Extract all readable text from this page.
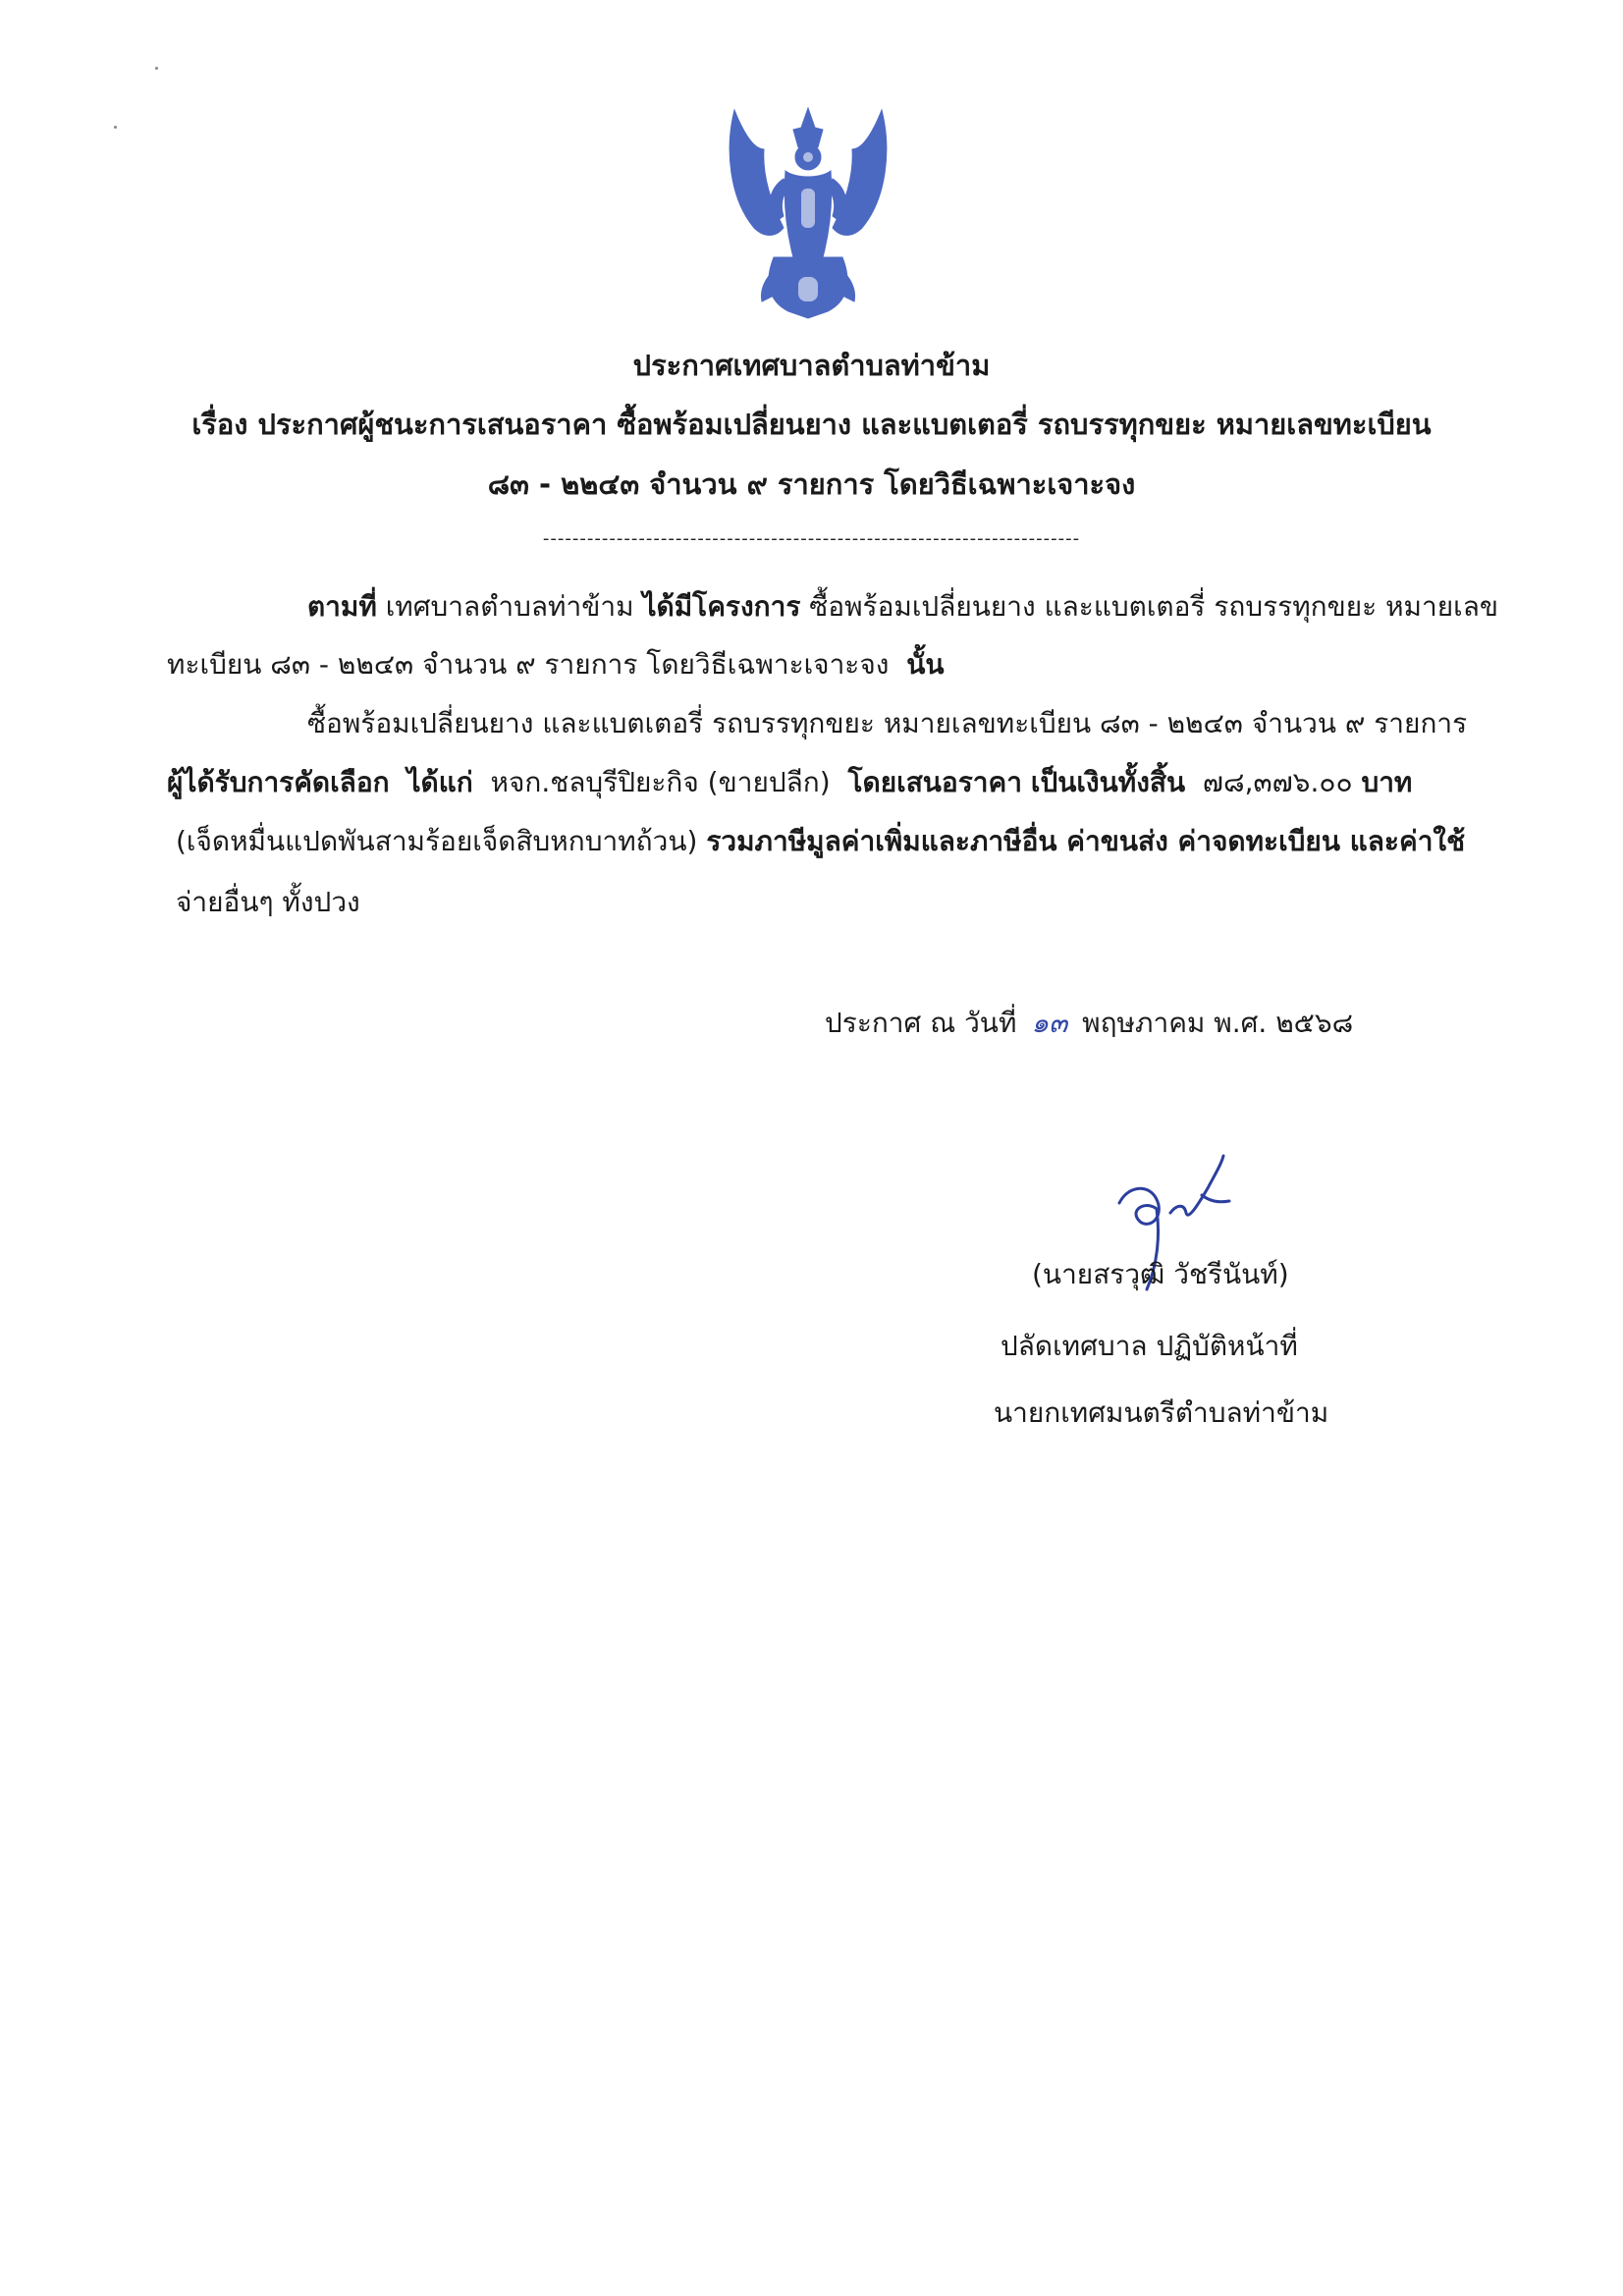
ประกาศเทศบาลตำบลท่าข้าม
เรื่อง ประกาศผู้ชนะการเสนอราคา ซื้อพร้อมเปลี่ยนยาง และแบตเตอรี่ รถบรรทุกขยะ หมายเลขทะเบียน
๘๓ - ๒๒๔๓ จำนวน ๙ รายการ โดยวิธีเฉพาะเจาะจง
-------------------------------------------------------------------------
ตามที่ เทศบาลตำบลท่าข้าม ได้มีโครงการ ซื้อพร้อมเปลี่ยนยาง และแบตเตอรี่ รถบรรทุกขยะ หมายเลข
ทะเบียน ๘๓ - ๒๒๔๓ จำนวน ๙ รายการ โดยวิธีเฉพาะเจาะจง นั้น
ซื้อพร้อมเปลี่ยนยาง และแบตเตอรี่ รถบรรทุกขยะ หมายเลขทะเบียน ๘๓ - ๒๒๔๓ จำนวน ๙ รายการ
ผู้ได้รับการคัดเลือก ได้แก่ หจก.ชลบุรีปิยะกิจ (ขายปลีก) โดยเสนอราคา เป็นเงินทั้งสิ้น ๗๘,๓๗๖.๐๐ บาท
(เจ็ดหมื่นแปดพันสามร้อยเจ็ดสิบหกบาทถ้วน) รวมภาษีมูลค่าเพิ่มและภาษีอื่น ค่าขนส่ง ค่าจดทะเบียน และค่าใช้
จ่ายอื่นๆ ทั้งปวง
ประกาศ ณ วันที่ ๑๓ พฤษภาคม พ.ศ. ๒๕๖๘
(นายสรวุฒิ วัชรีนันท์)
ปลัดเทศบาล ปฏิบัติหน้าที่
นายกเทศมนตรีตำบลท่าข้าม
